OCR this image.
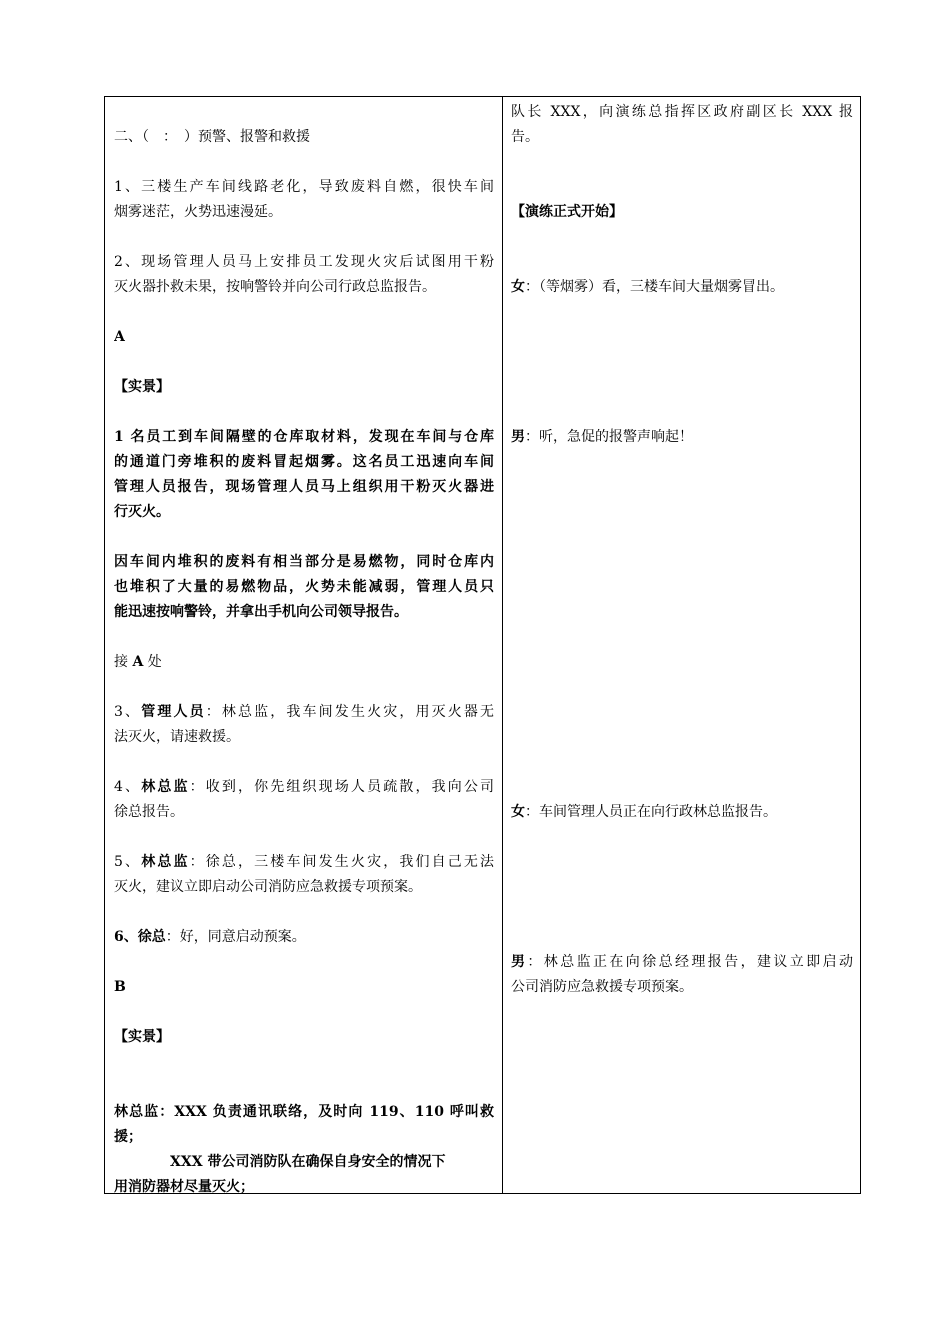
二、（　：　）预警、报警和救援
1、三楼生产车间线路老化，导致废料自燃，很快车间
烟雾迷茫，火势迅速漫延。
2、现场管理人员马上安排员工发现火灾后试图用干粉
灭火器扑救未果，按响警铃并向公司行政总监报告。
A
【实景】
1 名员工到车间隔壁的仓库取材料，发现在车间与仓库
的通道门旁堆积的废料冒起烟雾。这名员工迅速向车间
管理人员报告，现场管理人员马上组织用干粉灭火器进
行灭火。
因车间内堆积的废料有相当部分是易燃物，同时仓库内
也堆积了大量的易燃物品，火势未能减弱，管理人员只
能迅速按响警铃，并拿出手机向公司领导报告。
接 A 处
3、管理人员：林总监，我车间发生火灾，用灭火器无
法灭火，请速救援。
4、林总监：收到，你先组织现场人员疏散，我向公司
徐总报告。
5、林总监：徐总，三楼车间发生火灾，我们自己无法
灭火，建议立即启动公司消防应急救援专项预案。
6、徐总：好，同意启动预案。
B
【实景】
林总监：XXX 负责通讯联络，及时向 119、110 呼叫救
援；
XXX 带公司消防队在确保自身安全的情况下
用消防器材尽量灭火；
队长 XXX，向演练总指挥区政府副区长 XXX 报
告。
【演练正式开始】
女：（等烟雾）看，三楼车间大量烟雾冒出。
男：听，急促的报警声响起！
女：车间管理人员正在向行政林总监报告。
男：林总监正在向徐总经理报告，建议立即启动
公司消防应急救援专项预案。
